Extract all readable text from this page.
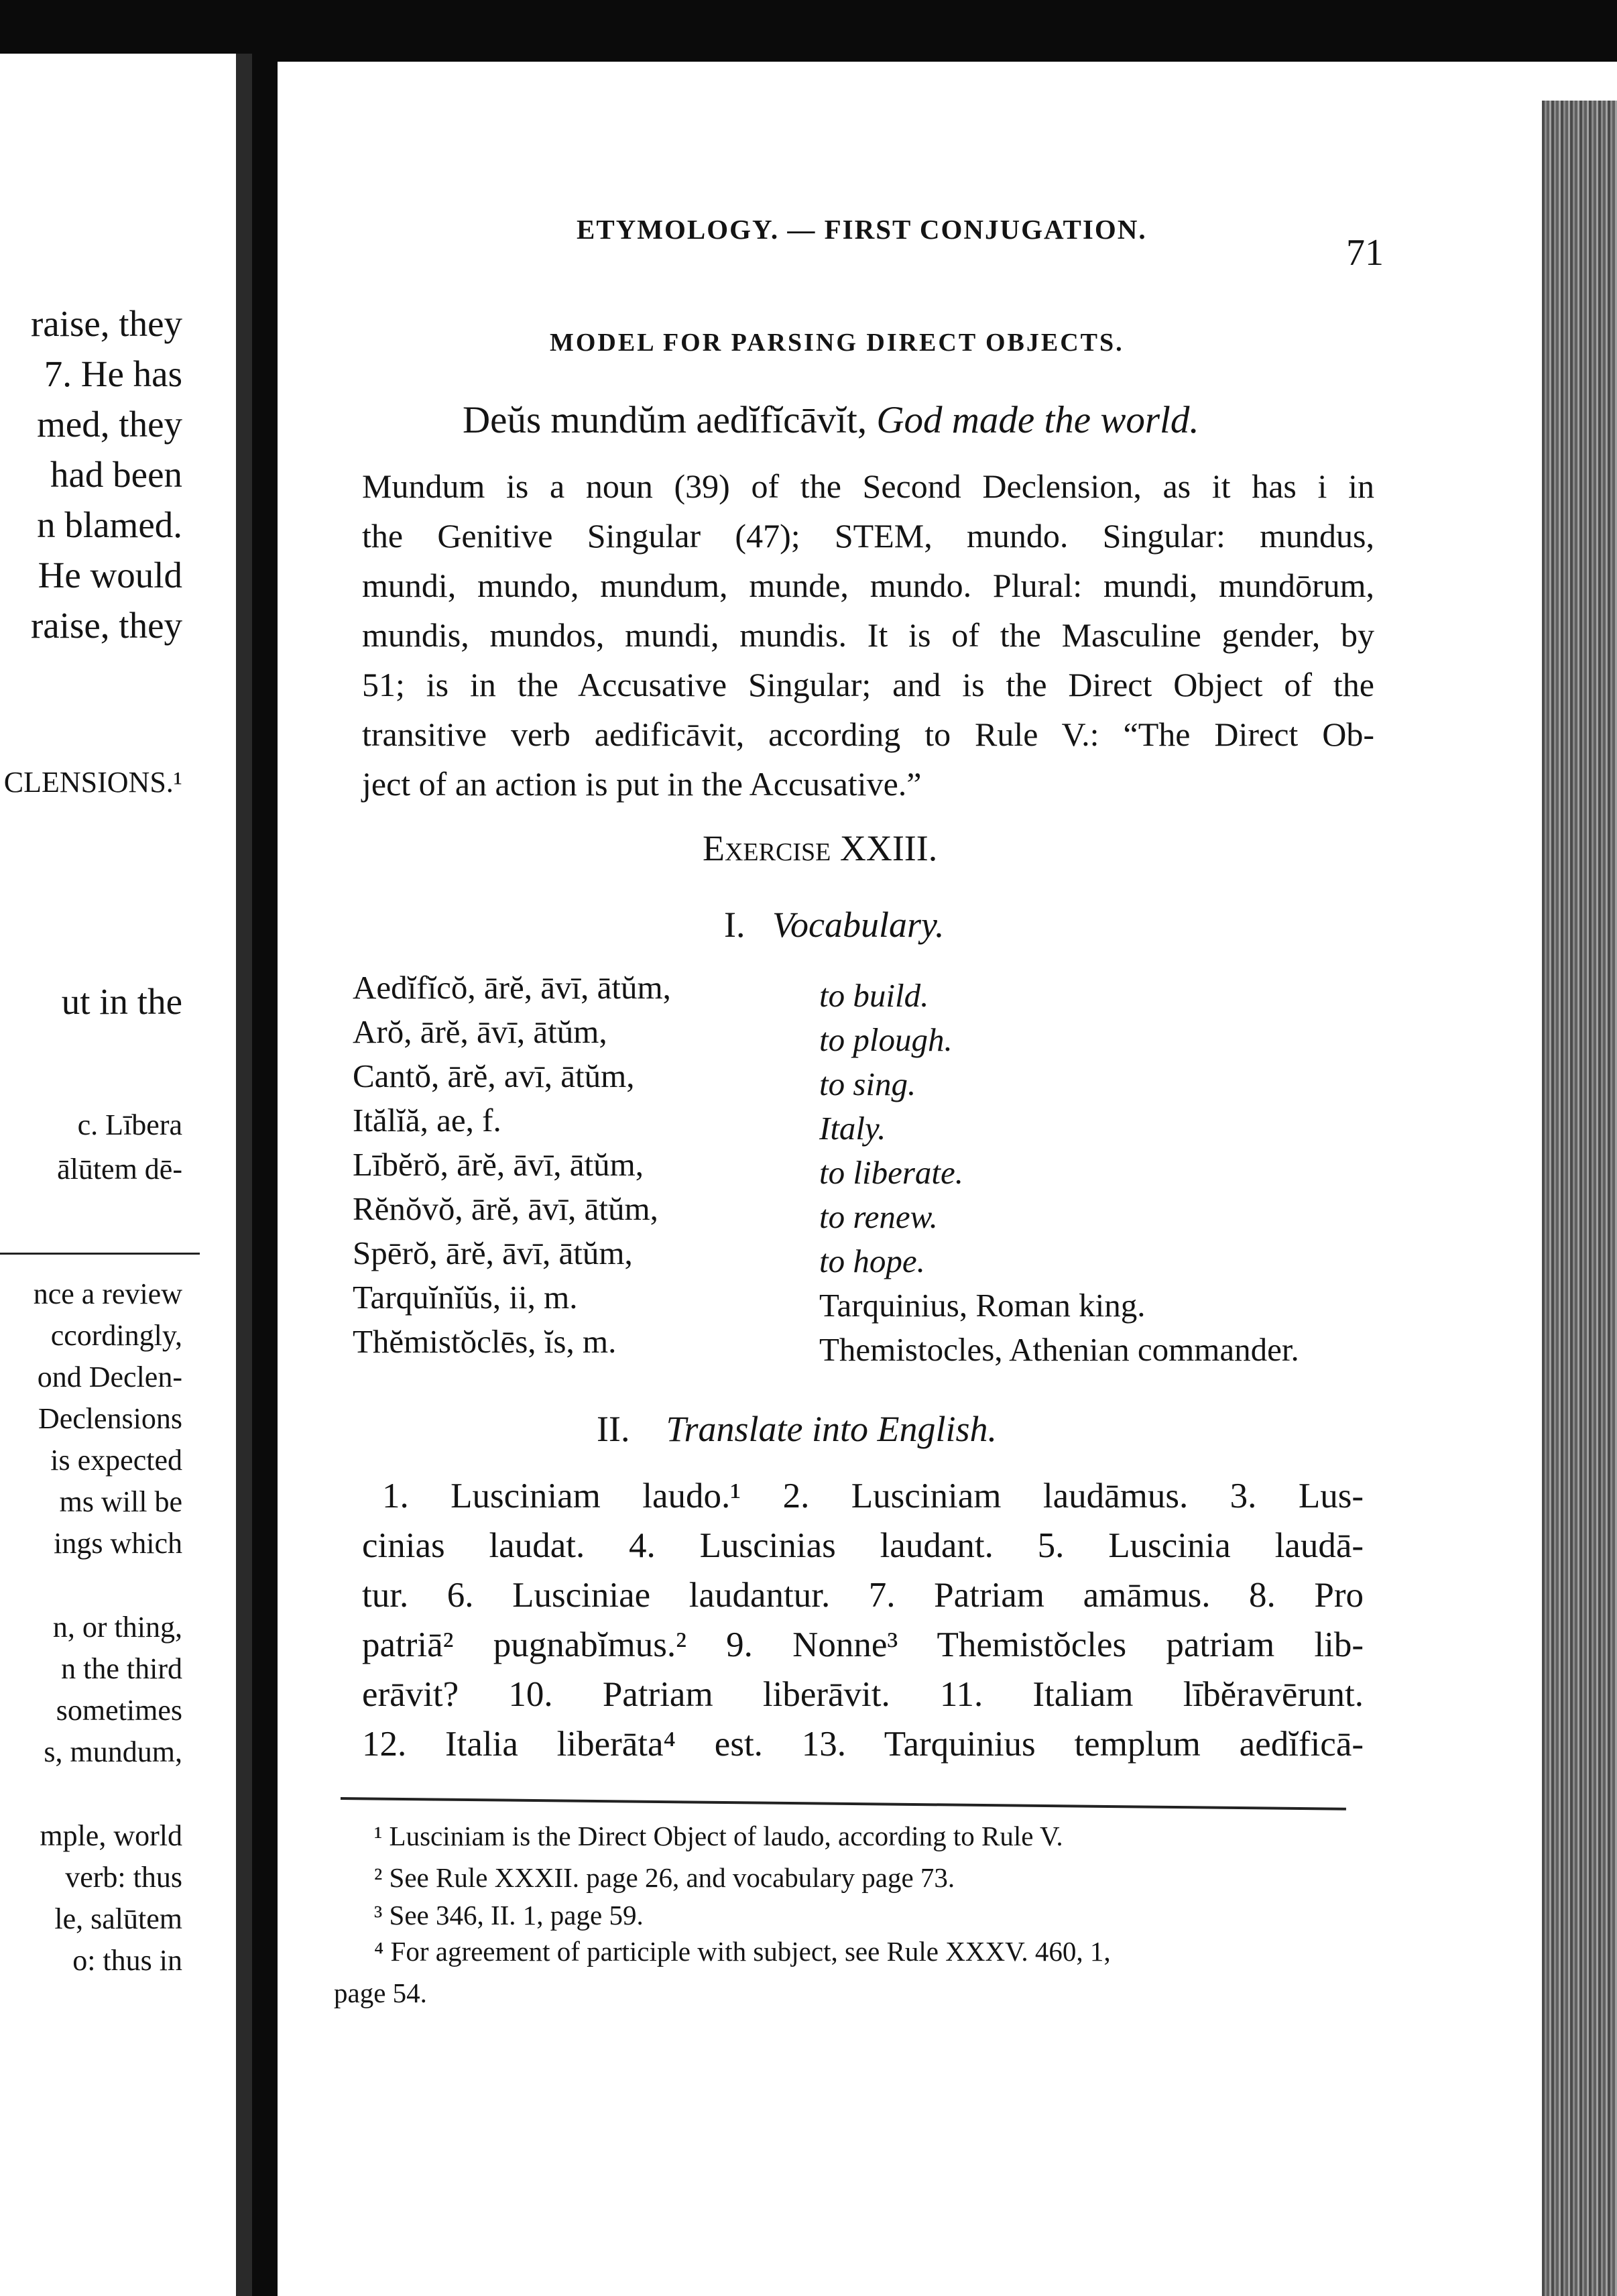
raise, they
7. He has
med, they
had been
n blamed.
He would
raise, they
CLENSIONS.¹
ut in the
c. Lībera
ālūtem dē-
nce a review
ccordingly,
ond Declen-
Declensions
is expected
ms will be
ings which
n, or thing,
n the third
sometimes
s, mundum,
mple, world
verb: thus
le, salūtem
o: thus in
ETYMOLOGY. — FIRST CONJUGATION.
71
MODEL FOR PARSING DIRECT OBJECTS.
Deŭs mundŭm aedĭfĭcāvĭt, God made the world.
Mundum is a noun (39) of the Second Declension, as it has i in
the Genitive Singular (47); STEM, mundo. Singular: mundus,
mundi, mundo, mundum, munde, mundo. Plural: mundi, mundōrum,
mundis, mundos, mundi, mundis. It is of the Masculine gender, by
51; is in the Accusative Singular; and is the Direct Object of the
transitive verb aedificāvit, according to Rule V.: “The Direct Ob-
ject of an action is put in the Accusative.”
Exercise XXIII.
I. Vocabulary.
Aedĭfĭcŏ, ārĕ, āvī, ātŭm,	to build.
Arŏ, ārĕ, āvī, ātŭm,	to plough.
Cantŏ, ārĕ, avī, ātŭm,	to sing.
Itălĭă, ae, f.	Italy.
Lībĕrŏ, ārĕ, āvī, ātŭm,	to liberate.
Rĕnŏvŏ, ārĕ, āvī, ātŭm,	to renew.
Spērŏ, ārĕ, āvī, ātŭm,	to hope.
Tarquĭnĭŭs, ii, m.	Tarquinius, Roman king.
Thĕmistŏclēs, ĭs, m.	Themistocles, Athenian commander.
II. Translate into English.
1. Lusciniam laudo.¹ 2. Lusciniam laudāmus. 3. Lus-
cinias laudat. 4. Luscinias laudant. 5. Luscinia laudā-
tur. 6. Lusciniae laudantur. 7. Patriam amāmus. 8. Pro
patriā² pugnabĭmus.² 9. Nonne³ Themistŏcles patriam lib-
erāvit? 10. Patriam liberāvit. 11. Italiam lībĕravērunt.
12. Italia liberāta⁴ est. 13. Tarquinius templum aedĭficā-
¹ Lusciniam is the Direct Object of laudo, according to Rule V.
² See Rule XXXII. page 26, and vocabulary page 73.
³ See 346, II. 1, page 59.
⁴ For agreement of participle with subject, see Rule XXXV. 460, 1,
page 54.
